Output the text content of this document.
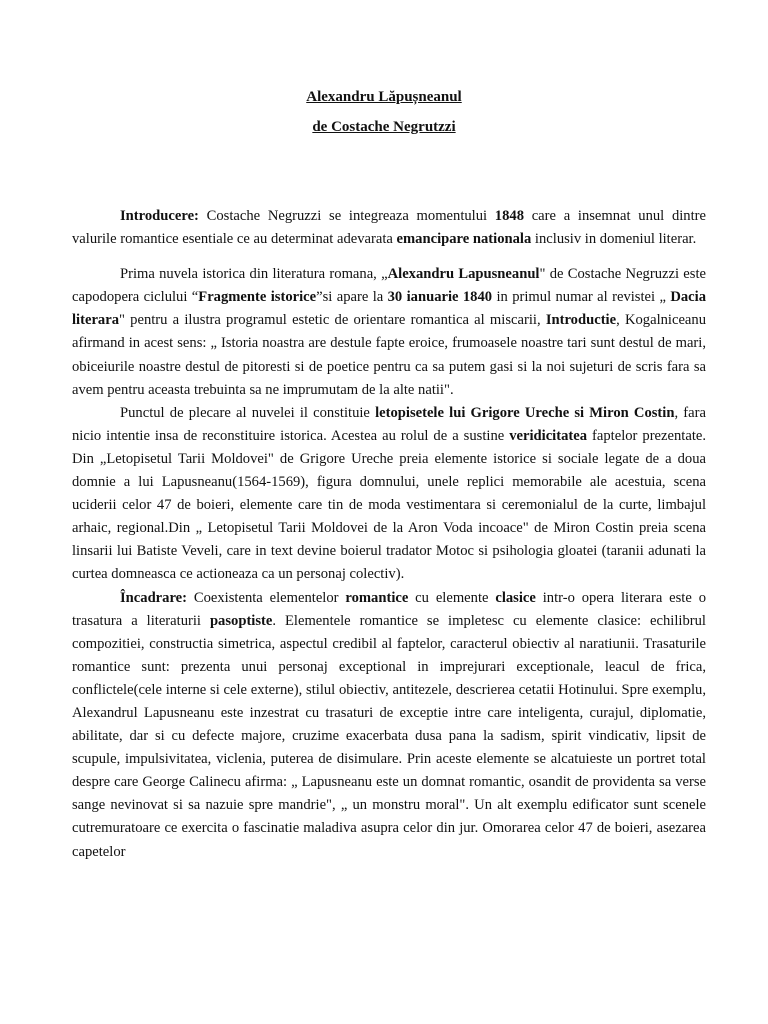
Alexandru Lăpușneanul
de Costache Negrutzzi

Introducere: Costache Negruzzi se integreaza momentului 1848 care a insemnat unul dintre valurile romantice esentiale ce au determinat adevarata emancipare nationala inclusiv in domeniul literar.

Prima nuvela istorica din literatura romana, „Alexandru Lapusneanul" de Costache Negruzzi este capodopera ciclului “Fragmente istorice”si apare la 30 ianuarie 1840 in primul numar al revistei „ Dacia literara" pentru a ilustra programul estetic de orientare romantica al miscarii, Introductie, Kogalniceanu afirmand in acest sens: „ Istoria noastra are destule fapte eroice, frumoasele noastre tari sunt destul de mari, obiceiurile noastre destul de pitoresti si de poetice pentru ca sa putem gasi si la noi sujeturi de scris fara sa avem pentru aceasta trebuinta sa ne imprumutam de la alte natii".

Punctul de plecare al nuvelei il constituie letopisetele lui Grigore Ureche si Miron Costin, fara nicio intentie insa de reconstituire istorica. Acestea au rolul de a sustine veridicitatea faptelor prezentate. Din „Letopisetul Tarii Moldovei" de Grigore Ureche preia elemente istorice si sociale legate de a doua domnie a lui Lapusneanu(1564-1569), figura domnului, unele replici memorabile ale acestuia, scena uciderii celor 47 de boieri, elemente care tin de moda vestimentara si ceremonialul de la curte, limbajul arhaic, regional.Din „ Letopisetul Tarii Moldovei de la Aron Voda incoace" de Miron Costin preia scena linsarii lui Batiste Veveli, care in text devine boierul tradator Motoc si psihologia gloatei (taranii adunati la curtea domneasca ce actioneaza ca un personaj colectiv).

Încadrare: Coexistenta elementelor romantice cu elemente clasice intr-o opera literara este o trasatura a literaturii pasoptiste. Elementele romantice se impletesc cu elemente clasice: echilibrul compozitiei, constructia simetrica, aspectul credibil al faptelor, caracterul obiectiv al naratiunii. Trasaturile romantice sunt: prezenta unui personaj exceptional in imprejurari exceptionale, leacul de frica, conflictele(cele interne si cele externe), stilul obiectiv, antitezele, descrierea cetatii Hotinului. Spre exemplu, Alexandrul Lapusneanu este inzestrat cu trasaturi de exceptie intre care inteligenta, curajul, diplomatie, abilitate, dar si cu defecte majore, cruzime exacerbata dusa pana la sadism, spirit vindicativ, lipsit de scupule, impulsivitatea, viclenia, puterea de disimulare. Prin aceste elemente se alcatuieste un portret total despre care George Calinecu afirma: „ Lapusneanu este un domnat romantic, osandit de providenta sa verse sange nevinovat si sa nazuie spre mandrie", „ un monstru moral". Un alt exemplu edificator sunt scenele cutremuratoare ce exercita o fascinatie maladiva asupra celor din jur. Omorarea celor 47 de boieri, asezarea capetelor
